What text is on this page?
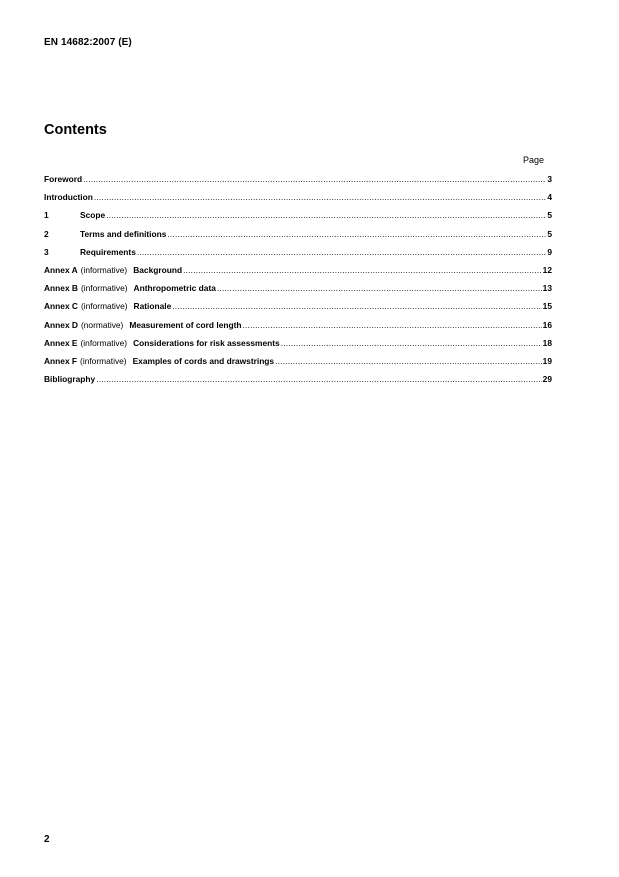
EN 14682:2007 (E)
Contents
Page
Foreword .....	3
Introduction .....	4
1	Scope .....	5
2	Terms and definitions .....	5
3	Requirements .....	9
Annex A (informative) Background .....	12
Annex B (informative) Anthropometric data .....	13
Annex C (informative) Rationale .....	15
Annex D (normative) Measurement of cord length .....	16
Annex E (informative) Considerations for risk assessments .....	18
Annex F (informative) Examples of cords and drawstrings .....	19
Bibliography .....	29
2
